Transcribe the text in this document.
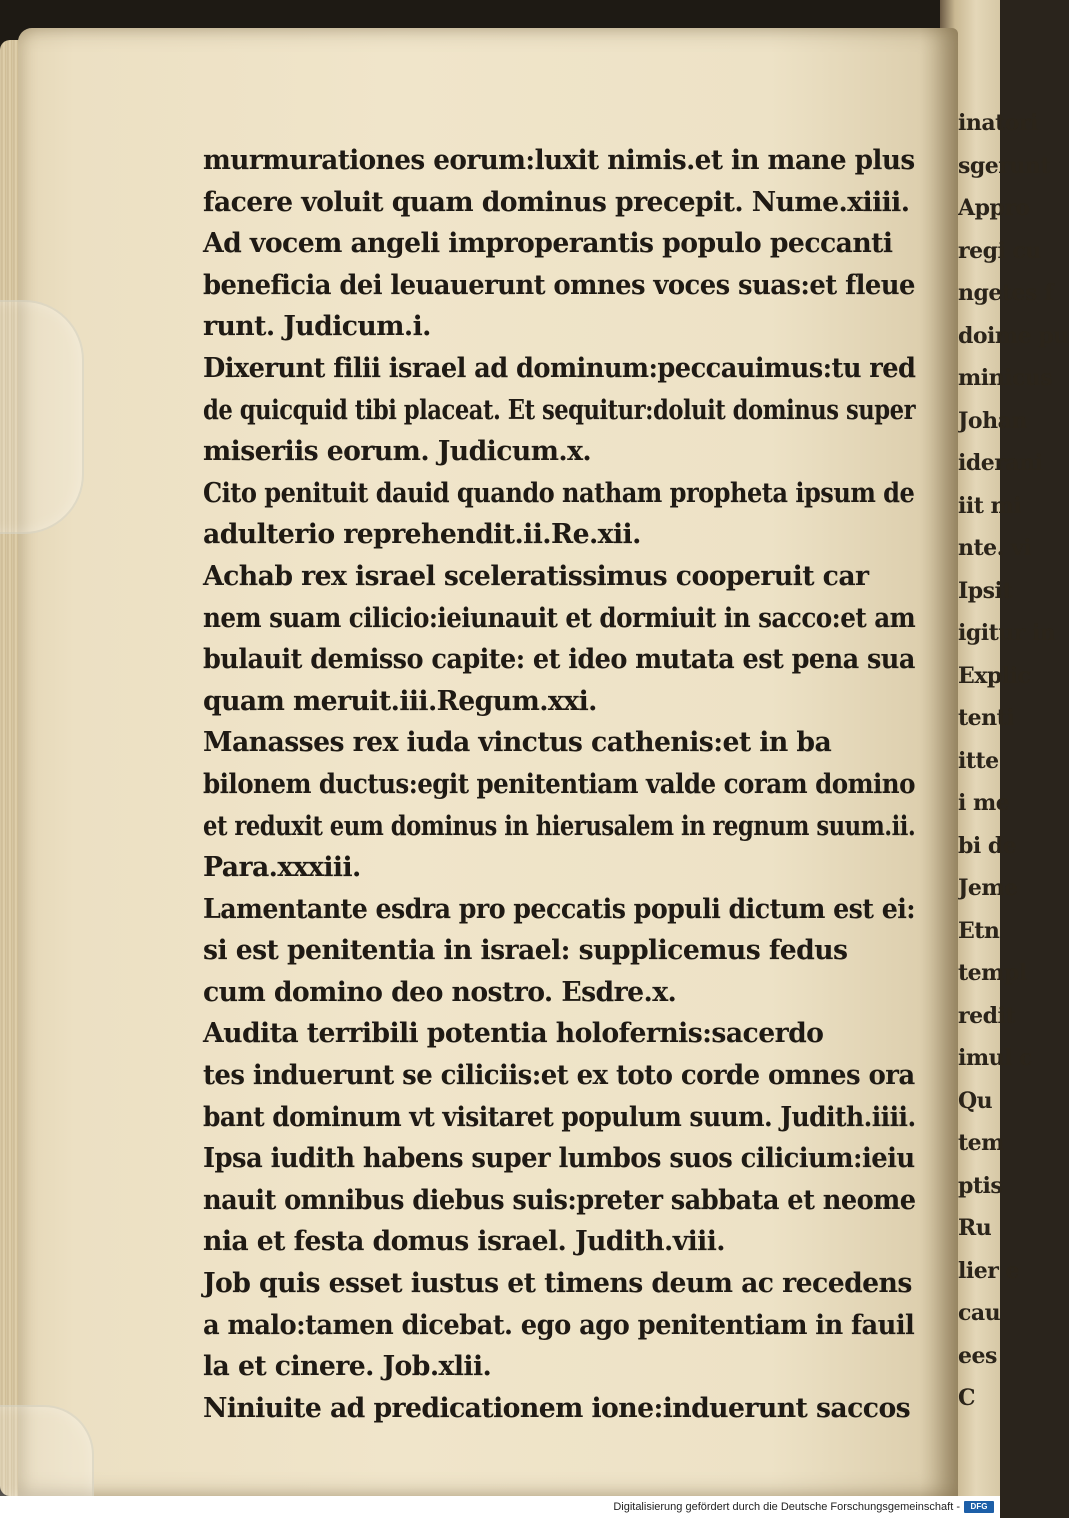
inatori
sgerunt
Appro
regi cu
ngetes f
doime pu
minicus
Johan
iderani
iit mi
nte. vi
Ipsit
igitur in
Explic
tenti
itte
i me
bi de
Jeme
Etn
templ
redit
imul c
Qu
tem
ptis
Ru
lier e
cau
ees
C
murmurationes eorum:luxit nimis.et in mane plus
facere voluit quam dominus precepit. Nume.xiiii.
Ad vocem angeli improperantis populo peccanti
beneficia dei leuauerunt omnes voces suas:et fleue
runt. Judicum.i.
Dixerunt filii israel ad dominum:peccauimus:tu red
de quicquid tibi placeat. Et sequitur:doluit dominus super
miseriis eorum. Judicum.x.
Cito penituit dauid quando natham propheta ipsum de
adulterio reprehendit.ii.Re.xii.
Achab rex israel sceleratissimus cooperuit car
nem suam cilicio:ieiunauit et dormiuit in sacco:et am
bulauit demisso capite: et ideo mutata est pena sua
quam meruit.iii.Regum.xxi.
Manasses rex iuda vinctus cathenis:et in ba
bilonem ductus:egit penitentiam valde coram domino
et reduxit eum dominus in hierusalem in regnum suum.ii.
Para.xxxiii.
Lamentante esdra pro peccatis populi dictum est ei:
si est penitentia in israel: supplicemus fedus
cum domino deo nostro. Esdre.x.
Audita terribili potentia holofernis:sacerdo
tes induerunt se ciliciis:et ex toto corde omnes ora
bant dominum vt visitaret populum suum. Judith.iiii.
Ipsa iudith habens super lumbos suos cilicium:ieiu
nauit omnibus diebus suis:preter sabbata et neome
nia et festa domus israel. Judith.viii.
Job quis esset iustus et timens deum ac recedens
a malo:tamen dicebat. ego ago penitentiam in fauil
la et cinere. Job.xlii.
Niniuite ad predicationem ione:induerunt saccos
Digitalisierung gefördert durch die Deutsche Forschungsgemeinschaft -	DFG
